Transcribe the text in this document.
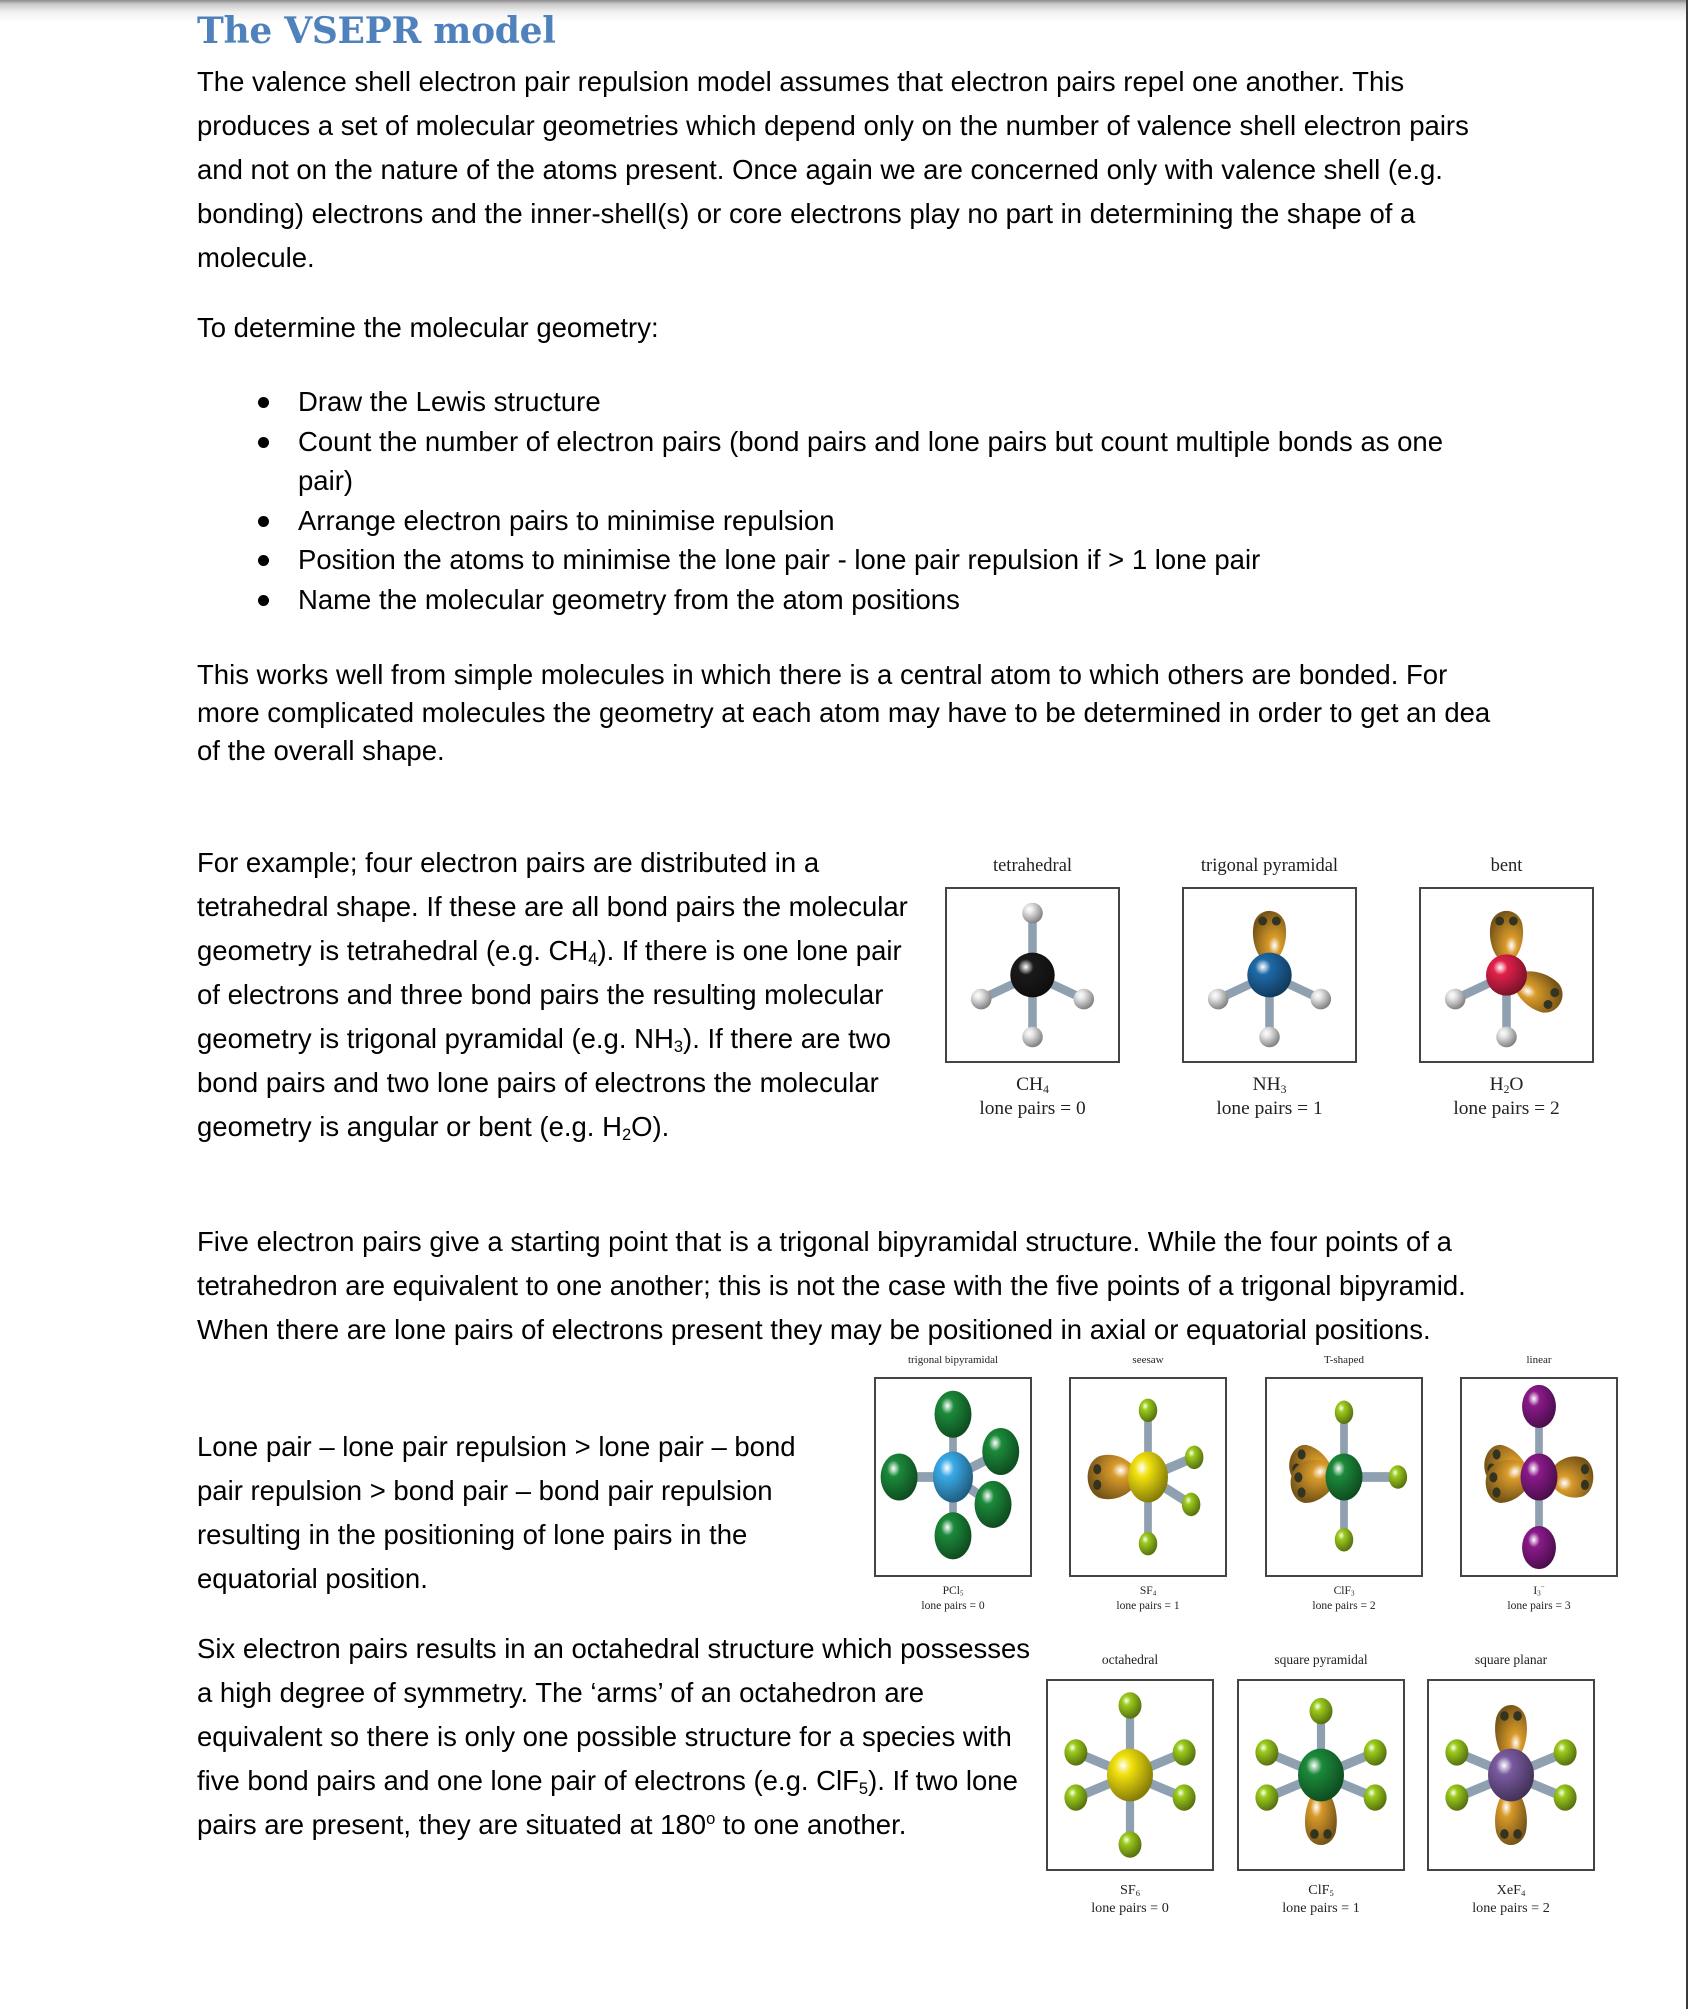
The VSEPR model
The valence shell electron pair repulsion model assumes that electron pairs repel one another. This produces a set of molecular geometries which depend only on the number of valence shell electron pairs and not on the nature of the atoms present. Once again we are concerned only with valence shell (e.g. bonding) electrons and the inner-shell(s) or core electrons play no part in determining the shape of a molecule.
To determine the molecular geometry:
Draw the Lewis structure
Count the number of electron pairs (bond pairs and lone pairs but count multiple bonds as one pair)
Arrange electron pairs to minimise repulsion
Position the atoms to minimise the lone pair - lone pair repulsion if > 1 lone pair
Name the molecular geometry from the atom positions
This works well from simple molecules in which there is a central atom to which others are bonded. For more complicated molecules the geometry at each atom may have to be determined in order to get an dea of the overall shape.
For example; four electron pairs are distributed in a tetrahedral shape. If these are all bond pairs the molecular geometry is tetrahedral (e.g. $CH_4$). If there is one lone pair of electrons and three bond pairs the resulting molecular geometry is trigonal pyramidal (e.g. $NH_3$). If there are two bond pairs and two lone pairs of electrons the molecular geometry is angular or bent (e.g. $H_2O$).
Five electron pairs give a starting point that is a trigonal bipyramidal structure. While the four points of a tetrahedron are equivalent to one another; this is not the case with the five points of a trigonal bipyramid. When there are lone pairs of electrons present they may be positioned in axial or equatorial positions.
Lone pair – lone pair repulsion > lone pair – bond pair repulsion > bond pair – bond pair repulsion resulting in the positioning of lone pairs in the equatorial position.
Six electron pairs results in an octahedral structure which possesses a high degree of symmetry. The ‘arms’ of an octahedron are equivalent so there is only one possible structure for a species with five bond pairs and one lone pair of electrons (e.g. ClF$_5$). If two lone pairs are present, they are situated at 180$^o$ to one another.
tetrahedral
$CH_4$
lone pairs = 0
trigonal pyramidal
$NH_3$
lone pairs = 1
bent
$H_2O$
lone pairs = 2
trigonal bipyramidal
PCl$_5$
lone pairs = 0
seesaw
$SF_4$
lone pairs = 1
T-shaped
ClF$_3$
lone pairs = 2
linear
$I_3^-$
lone pairs = 3
octahedral
$SF_6$
lone pairs = 0
square pyramidal
ClF$_5$
lone pairs = 1
square planar
XeF$_4$
lone pairs = 2
